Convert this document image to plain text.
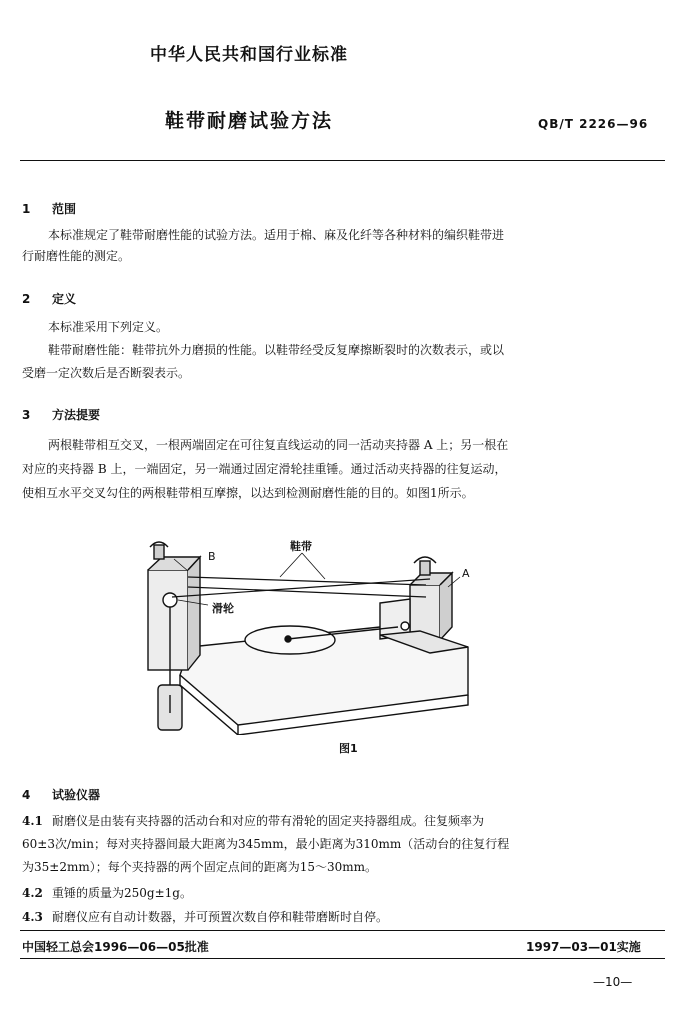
中华人民共和国行业标准
鞋带耐磨试验方法	QB/T 2226—96
1 范围
本标准规定了鞋带耐磨性能的试验方法。适用于棉、麻及化纤等各种材料的编织鞋带进
行耐磨性能的测定。
2 定义
本标准采用下列定义。
鞋带耐磨性能：鞋带抗外力磨损的性能。以鞋带经受反复摩擦断裂时的次数表示，或以
受磨一定次数后是否断裂表示。
3 方法提要
两根鞋带相互交叉，一根两端固定在可往复直线运动的同一活动夹持器 A 上；另一根在
对应的夹持器 B 上，一端固定，另一端通过固定滑轮挂重锤。通过活动夹持器的往复运动，
使相互水平交叉勾住的两根鞋带相互摩擦，以达到检测耐磨性能的目的。如图1所示。
鞋带
B
A
滑轮
图1
4 试验仪器
4.1 耐磨仪是由装有夹持器的活动台和对应的带有滑轮的固定夹持器组成。往复频率为
60±3次/min；每对夹持器间最大距离为345mm，最小距离为310mm（活动台的往复行程
为35±2mm）；每个夹持器的两个固定点间的距离为15～30mm。
4.2 重锤的质量为250g±1g。
4.3 耐磨仪应有自动计数器，并可预置次数自停和鞋带磨断时自停。
中国轻工总会1996—06—05批准	1997—03—01实施
—10—
